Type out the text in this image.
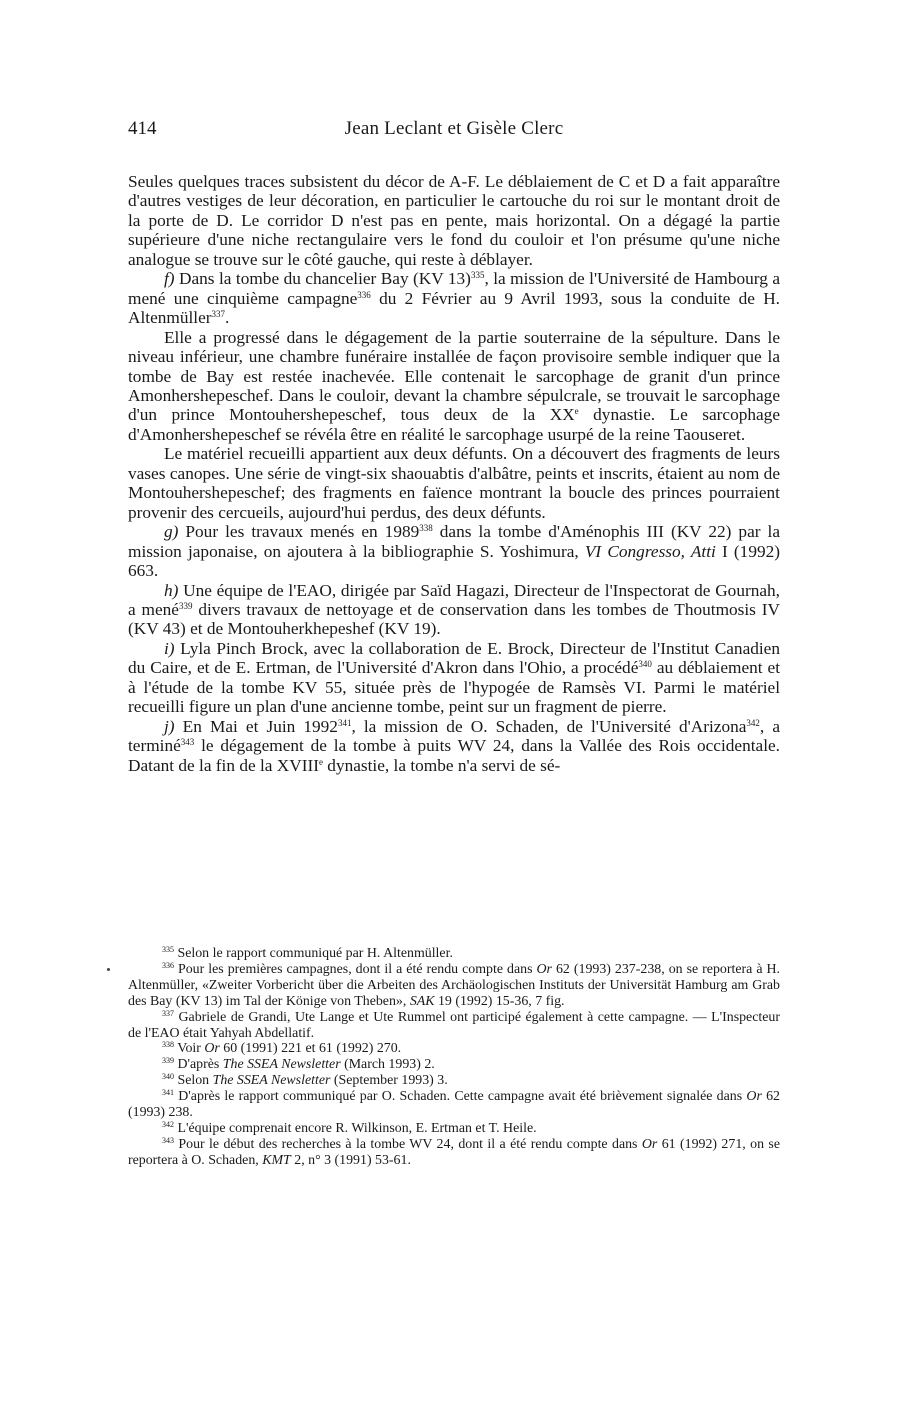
414	Jean Leclant et Gisèle Clerc

Seules quelques traces subsistent du décor de A-F. Le déblaiement de C et D a fait apparaître d'autres vestiges de leur décoration, en particulier le cartouche du roi sur le montant droit de la porte de D. Le corridor D n'est pas en pente, mais horizontal. On a dégagé la partie supérieure d'une niche rectangulaire vers le fond du couloir et l'on présume qu'une niche analogue se trouve sur le côté gauche, qui reste à déblayer.

f) Dans la tombe du chancelier Bay (KV 13)$^{335}$, la mission de l'Université de Hambourg a mené une cinquième campagne$^{336}$ du 2 Février au 9 Avril 1993, sous la conduite de H. Altenmüller$^{337}$.

Elle a progressé dans le dégagement de la partie souterraine de la sépulture. Dans le niveau inférieur, une chambre funéraire installée de façon provisoire semble indiquer que la tombe de Bay est restée inachevée. Elle contenait le sarcophage de granit d'un prince Amonhershepeschef. Dans le couloir, devant la chambre sépulcrale, se trouvait le sarcophage d'un prince Montouhershepeschef, tous deux de la XXe dynastie. Le sarcophage d'Amonhershepeschef se révéla être en réalité le sarcophage usurpé de la reine Taouseret.

Le matériel recueilli appartient aux deux défunts. On a découvert des fragments de leurs vases canopes. Une série de vingt-six shaouabtis d'albâtre, peints et inscrits, étaient au nom de Montouhershepeschef; des fragments en faïence montrant la boucle des princes pourraient provenir des cercueils, aujourd'hui perdus, des deux défunts.

g) Pour les travaux menés en 1989$^{338}$ dans la tombe d'Aménophis III (KV 22) par la mission japonaise, on ajoutera à la bibliographie S. Yoshimura, VI Congresso, Atti I (1992) 663.

h) Une équipe de l'EAO, dirigée par Saïd Hagazi, Directeur de l'Inspectorat de Gournah, a mené$^{339}$ divers travaux de nettoyage et de conservation dans les tombes de Thoutmosis IV (KV 43) et de Montouherkhepeshef (KV 19).

i) Lyla Pinch Brock, avec la collaboration de E. Brock, Directeur de l'Institut Canadien du Caire, et de E. Ertman, de l'Université d'Akron dans l'Ohio, a procédé$^{340}$ au déblaiement et à l'étude de la tombe KV 55, située près de l'hypogée de Ramsès VI. Parmi le matériel recueilli figure un plan d'une ancienne tombe, peint sur un fragment de pierre.

j) En Mai et Juin 1992$^{341}$, la mission de O. Schaden, de l'Université d'Arizona$^{342}$, a terminé$^{343}$ le dégagement de la tombe à puits WV 24, dans la Vallée des Rois occidentale. Datant de la fin de la XVIIIe dynastie, la tombe n'a servi de sé-

$^{335}$ Selon le rapport communiqué par H. Altenmüller.

$^{336}$ Pour les premières campagnes, dont il a été rendu compte dans Or 62 (1993) 237-238, on se reportera à H. Altenmüller, «Zweiter Vorbericht über die Arbeiten des Archäologischen Instituts der Universität Hamburg am Grab des Bay (KV 13) im Tal der Könige von Theben», SAK 19 (1992) 15-36, 7 fig.

$^{337}$ Gabriele de Grandi, Ute Lange et Ute Rummel ont participé également à cette campagne. — L'Inspecteur de l'EAO était Yahyah Abdellatif.

$^{338}$ Voir Or 60 (1991) 221 et 61 (1992) 270.

$^{339}$ D'après The SSEA Newsletter (March 1993) 2.

$^{340}$ Selon The SSEA Newsletter (September 1993) 3.

$^{341}$ D'après le rapport communiqué par O. Schaden. Cette campagne avait été brièvement signalée dans Or 62 (1993) 238.

$^{342}$ L'équipe comprenait encore R. Wilkinson, E. Ertman et T. Heile.

$^{343}$ Pour le début des recherches à la tombe WV 24, dont il a été rendu compte dans Or 61 (1992) 271, on se reportera à O. Schaden, KMT 2, n° 3 (1991) 53-61.
